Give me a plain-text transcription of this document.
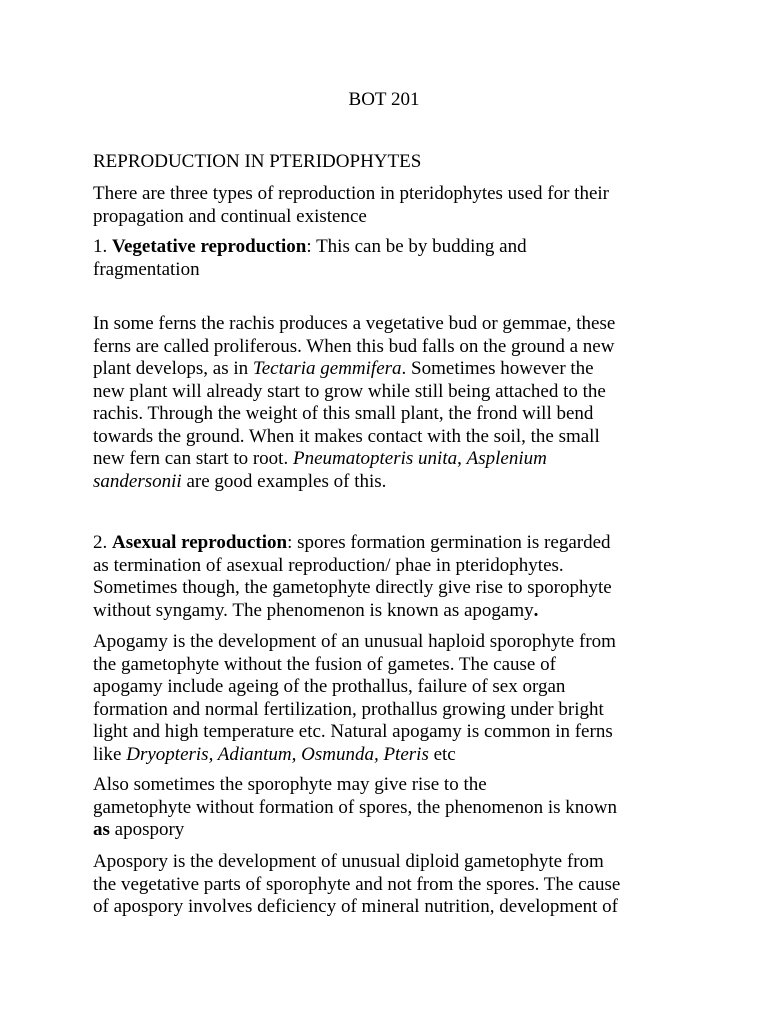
BOT 201

REPRODUCTION IN PTERIDOPHYTES

There are three types of reproduction in pteridophytes used for their
propagation and continual existence

1. Vegetative reproduction: This can be by budding and
fragmentation

In some ferns the rachis produces a vegetative bud or gemmae, these
ferns are called proliferous. When this bud falls on the ground a new
plant develops, as in Tectaria gemmifera. Sometimes however the
new plant will already start to grow while still being attached to the
rachis. Through the weight of this small plant, the frond will bend
towards the ground. When it makes contact with the soil, the small
new fern can start to root. Pneumatopteris unita, Asplenium
sandersonii are good examples of this.

2. Asexual reproduction: spores formation germination is regarded
as termination of asexual reproduction/ phae in pteridophytes.
Sometimes though, the gametophyte directly give rise to sporophyte
without syngamy. The phenomenon is known as apogamy.

Apogamy is the development of an unusual haploid sporophyte from
the gametophyte without the fusion of gametes. The cause of
apogamy include ageing of the prothallus, failure of sex organ
formation and normal fertilization, prothallus growing under bright
light and high temperature etc. Natural apogamy is common in ferns
like Dryopteris, Adiantum, Osmunda, Pteris etc

Also sometimes the sporophyte may give rise to the
gametophyte without formation of spores, the phenomenon is known
as apospory

Apospory is the development of unusual diploid gametophyte from
the vegetative parts of sporophyte and not from the spores. The cause
of apospory involves deficiency of mineral nutrition, development of
